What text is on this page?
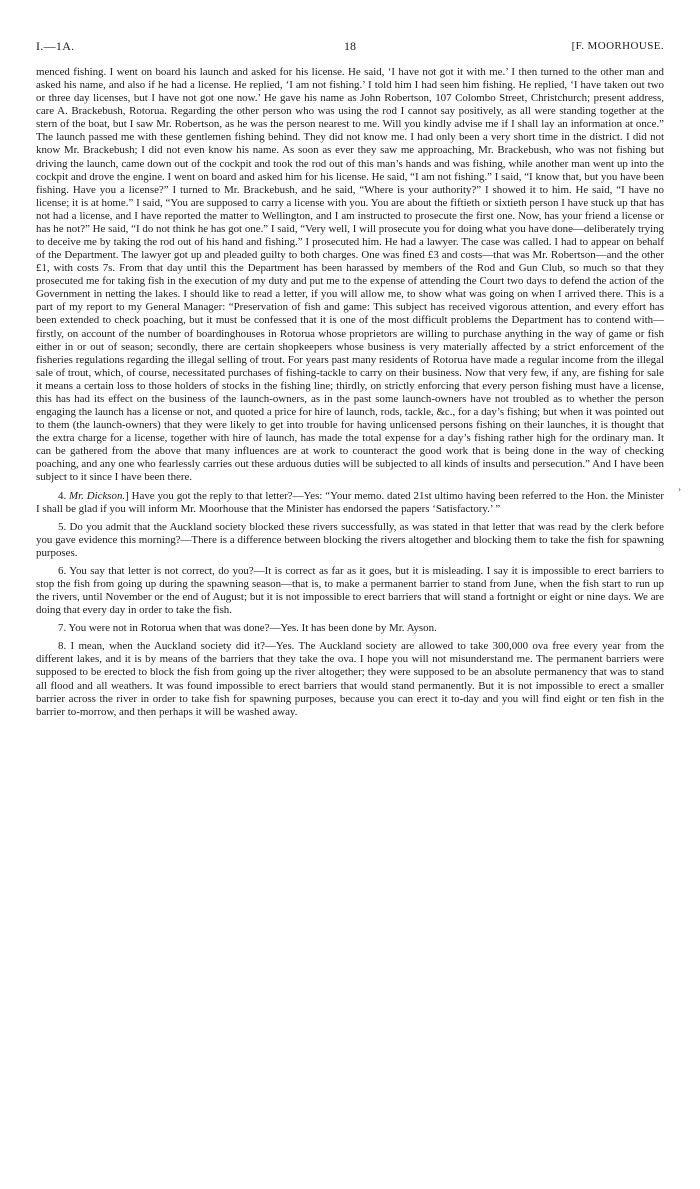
I.—1A.	18	[F. MOORHOUSE.

menced fishing. I went on board his launch and asked for his license. He said, ‘I have not got it with me.’ I then turned to the other man and asked his name, and also if he had a license. He replied, ‘I am not fishing.’ I told him I had seen him fishing. He replied, ‘I have taken out two or three day licenses, but I have not got one now.’ He gave his name as John Robertson, 107 Colombo Street, Christchurch; present address, care A. Brackebush, Rotorua. Regarding the other person who was using the rod I cannot say positively, as all were standing together at the stern of the boat, but I saw Mr. Robertson, as he was the person nearest to me. Will you kindly advise me if I shall lay an information at once.” The launch passed me with these gentlemen fishing behind. They did not know me. I had only been a very short time in the district. I did not know Mr. Brackebush; I did not even know his name. As soon as ever they saw me approaching, Mr. Brackebush, who was not fishing but driving the launch, came down out of the cockpit and took the rod out of this man’s hands and was fishing, while another man went up into the cockpit and drove the engine. I went on board and asked him for his license. He said, “I am not fishing.” I said, “I know that, but you have been fishing. Have you a license?” I turned to Mr. Brackebush, and he said, “Where is your authority?” I showed it to him. He said, “I have no license; it is at home.” I said, “You are supposed to carry a license with you. You are about the fiftieth or sixtieth person I have stuck up that has not had a license, and I have reported the matter to Wellington, and I am instructed to prosecute the first one. Now, has your friend a license or has he not?” He said, “I do not think he has got one.” I said, “Very well, I will prosecute you for doing what you have done—deliberately trying to deceive me by taking the rod out of his hand and fishing.” I prosecuted him. He had a lawyer. The case was called. I had to appear on behalf of the Department. The lawyer got up and pleaded guilty to both charges. One was fined £3 and costs—that was Mr. Robertson—and the other £1, with costs 7s. From that day until this the Department has been harassed by members of the Rod and Gun Club, so much so that they prosecuted me for taking fish in the execution of my duty and put me to the expense of attending the Court two days to defend the action of the Government in netting the lakes. I should like to read a letter, if you will allow me, to show what was going on when I arrived there. This is a part of my report to my General Manager: “Preservation of fish and game: This subject has received vigorous attention, and every effort has been extended to check poaching, but it must be confessed that it is one of the most difficult problems the Department has to contend with—firstly, on account of the number of boardinghouses in Rotorua whose proprietors are willing to purchase anything in the way of game or fish either in or out of season; secondly, there are certain shopkeepers whose business is very materially affected by a strict enforcement of the fisheries regulations regarding the illegal selling of trout. For years past many residents of Rotorua have made a regular income from the illegal sale of trout, which, of course, necessitated purchases of fishing-tackle to carry on their business. Now that very few, if any, are fishing for sale it means a certain loss to those holders of stocks in the fishing line; thirdly, on strictly enforcing that every person fishing must have a license, this has had its effect on the business of the launch-owners, as in the past some launch-owners have not troubled as to whether the person engaging the launch has a license or not, and quoted a price for hire of launch, rods, tackle, &c., for a day’s fishing; but when it was pointed out to them (the launch-owners) that they were likely to get into trouble for having unlicensed persons fishing on their launches, it is thought that the extra charge for a license, together with hire of launch, has made the total expense for a day’s fishing rather high for the ordinary man. It can be gathered from the above that many influences are at work to counteract the good work that is being done in the way of checking poaching, and any one who fearlessly carries out these arduous duties will be subjected to all kinds of insults and persecution.” And I have been subject to it since I have been there.

4. Mr. Dickson.] Have you got the reply to that letter?—Yes: “Your memo. dated 21st ultimo having been referred to the Hon. the Minister I shall be glad if you will inform Mr. Moorhouse that the Minister has endorsed the papers ‘Satisfactory.’ ”

5. Do you admit that the Auckland society blocked these rivers successfully, as was stated in that letter that was read by the clerk before you gave evidence this morning?—There is a difference between blocking the rivers altogether and blocking them to take the fish for spawning purposes.

6. You say that letter is not correct, do you?—It is correct as far as it goes, but it is misleading. I say it is impossible to erect barriers to stop the fish from going up during the spawning season—that is, to make a permanent barrier to stand from June, when the fish start to run up the rivers, until November or the end of August; but it is not impossible to erect barriers that will stand a fortnight or eight or nine days. We are doing that every day in order to take the fish.

7. You were not in Rotorua when that was done?—Yes. It has been done by Mr. Ayson.

8. I mean, when the Auckland society did it?—Yes. The Auckland society are allowed to take 300,000 ova free every year from the different lakes, and it is by means of the barriers that they take the ova. I hope you will not misunderstand me. The permanent barriers were supposed to be erected to block the fish from going up the river altogether; they were supposed to be an absolute permanency that was to stand all flood and all weathers. It was found impossible to erect barriers that would stand permanently. But it is not impossible to erect a smaller barrier across the river in order to take fish for spawning purposes, because you can erect it to-day and you will find eight or ten fish in the barrier to-morrow, and then perhaps it will be washed away.

›
